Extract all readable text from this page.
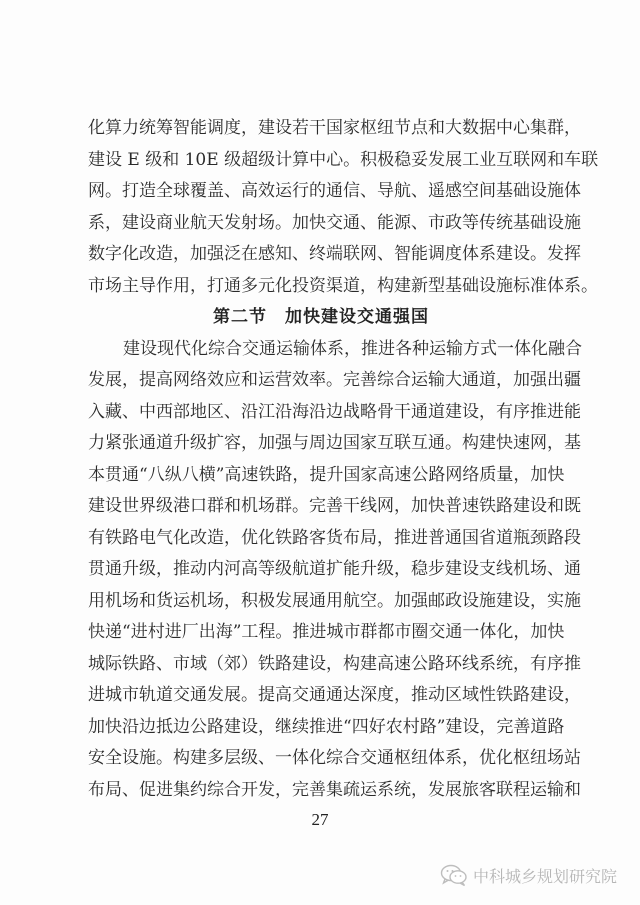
化算力统筹智能调度，建设若干国家枢纽节点和大数据中心集群，
建设 E 级和 10E 级超级计算中心。积极稳妥发展工业互联网和车联
网。打造全球覆盖、高效运行的通信、导航、遥感空间基础设施体
系，建设商业航天发射场。加快交通、能源、市政等传统基础设施
数字化改造，加强泛在感知、终端联网、智能调度体系建设。发挥
市场主导作用，打通多元化投资渠道，构建新型基础设施标准体系。
第二节　加快建设交通强国
建设现代化综合交通运输体系，推进各种运输方式一体化融合
发展，提高网络效应和运营效率。完善综合运输大通道，加强出疆
入藏、中西部地区、沿江沿海沿边战略骨干通道建设，有序推进能
力紧张通道升级扩容，加强与周边国家互联互通。构建快速网，基
本贯通“八纵八横”高速铁路，提升国家高速公路网络质量，加快
建设世界级港口群和机场群。完善干线网，加快普速铁路建设和既
有铁路电气化改造，优化铁路客货布局，推进普通国省道瓶颈路段
贯通升级，推动内河高等级航道扩能升级，稳步建设支线机场、通
用机场和货运机场，积极发展通用航空。加强邮政设施建设，实施
快递“进村进厂出海”工程。推进城市群都市圈交通一体化，加快
城际铁路、市域（郊）铁路建设，构建高速公路环线系统，有序推
进城市轨道交通发展。提高交通通达深度，推动区域性铁路建设，
加快沿边抵边公路建设，继续推进“四好农村路”建设，完善道路
安全设施。构建多层级、一体化综合交通枢纽体系，优化枢纽场站
布局、促进集约综合开发，完善集疏运系统，发展旅客联程运输和
27
中科城乡规划研究院
